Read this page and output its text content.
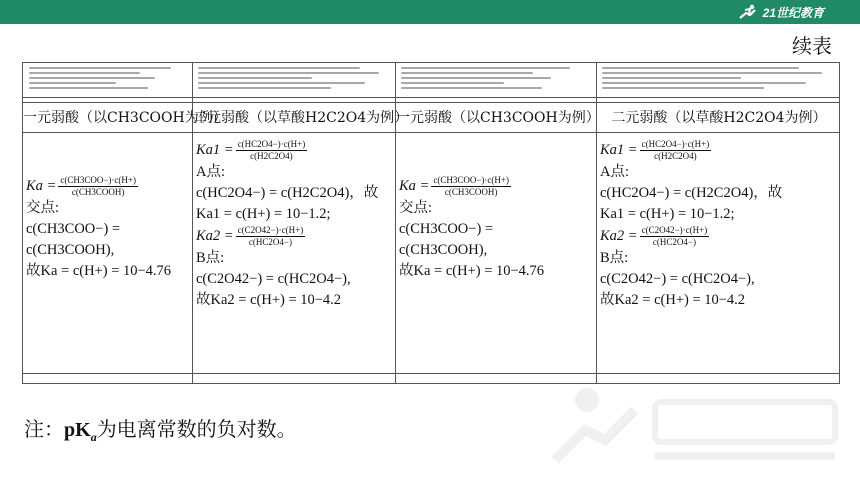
21世纪教育
续表
一元弱酸（以CH3COOH为例）
二元弱酸（以草酸H2C2O4为例）
一元弱酸（以CH3COOH为例） 二元弱酸（以草酸H2C2O4为例）
$Ka = \frac{\text{c(CH3COO−)·c(H+)}}{\text{c(CH3COOH)}}$
交点:
c(CH3COO−) =
c(CH3COOH),
故Ka = c(H+) = 10−4.76
$Ka1 = \frac{c(HC2O4-)\cdot c(H+)}{c(H2C2O4)}$
A点:
c(HC2O4−) = c(H2C2O4)，故
Ka1 = c(H+) = 10−1.2;
$Ka2 = \frac{c(C2O42-)\cdot c(H+)}{c(HC2O4-)}$
B点:
c(C2O42−) = c(HC2O4−),
故Ka2 = c(H+) = 10−4.2
$Ka = \frac{\text{c(CH3COO−)·c(H+)}}{\text{c(CH3COOH)}}$
交点:
c(CH3COO−) =
c(CH3COOH),
故Ka = c(H+) = 10−4.76
$Ka1 = \frac{c(HC2O4-)\cdot c(H+)}{c(H2C2O4)}$
A点:
c(HC2O4−) = c(H2C2O4)，故
Ka1 = c(H+) = 10−1.2;
$Ka2 = \frac{c(C2O42-)\cdot c(H+)}{c(HC2O4-)}$
B点:
c(C2O42−) = c(HC2O4−),
故Ka2 = c(H+) = 10−4.2
注：$pK_a$为电离常数的负对数。
